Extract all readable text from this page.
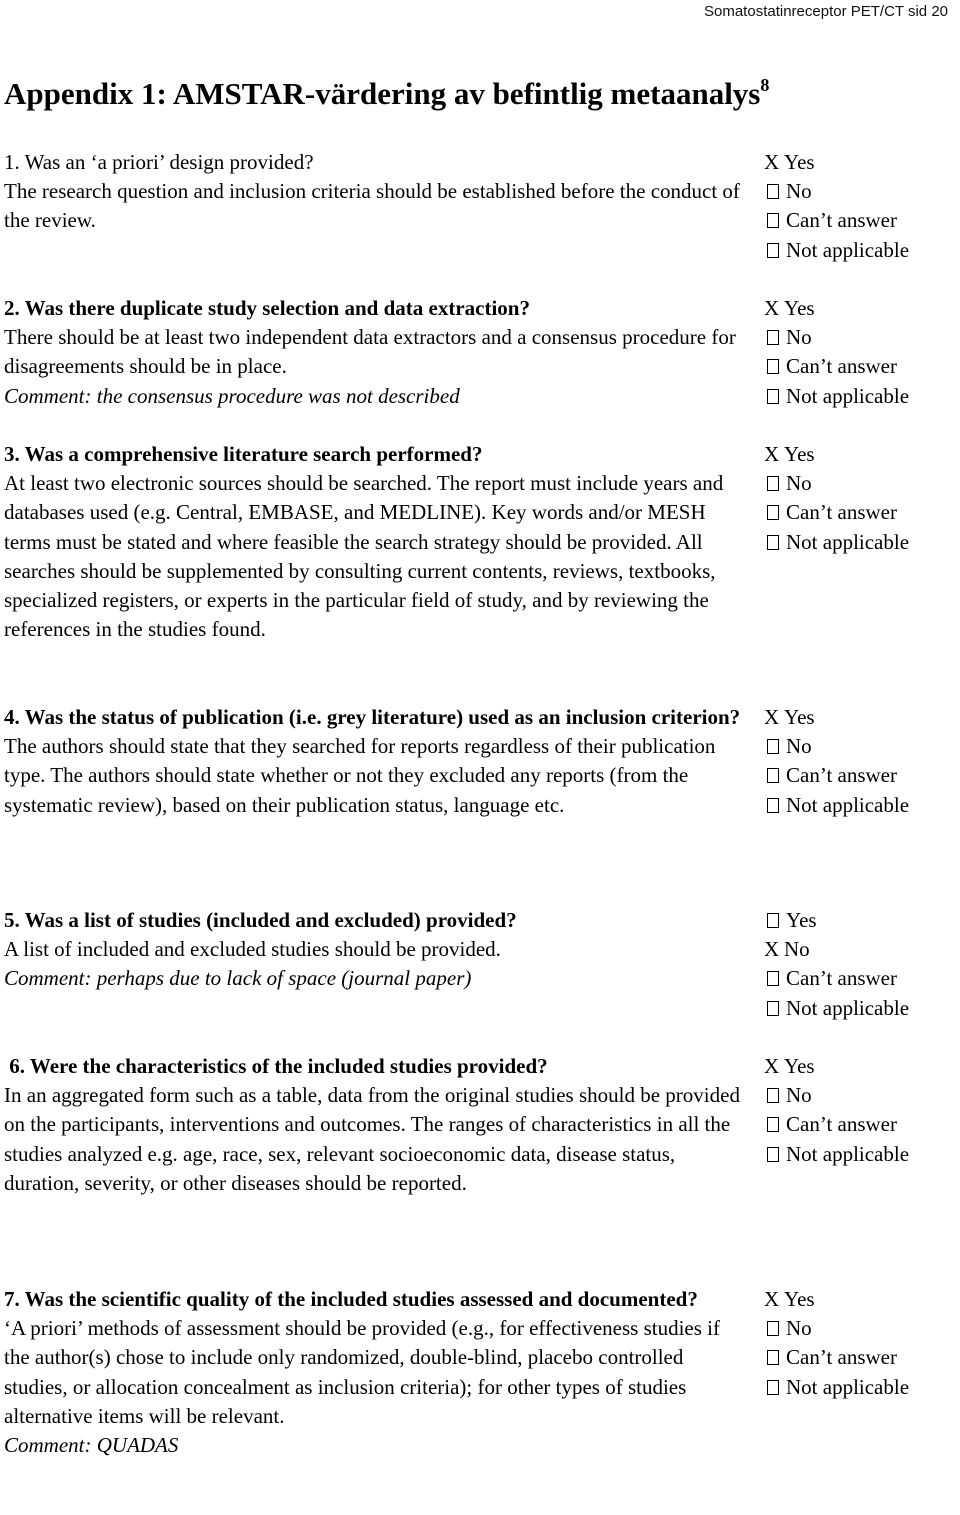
Somatostatinreceptor PET/CT sid 20
Appendix 1: AMSTAR-värdering av befintlig metaanalys$^8$
1. Was an ‘a priori’ design provided?
The research question and inclusion criteria should be established before the conduct of the review.
X Yes
No
Can’t answer
Not applicable
2. Was there duplicate study selection and data extraction?
There should be at least two independent data extractors and a consensus procedure for disagreements should be in place.
Comment: the consensus procedure was not described
X Yes
No
Can’t answer
Not applicable
3. Was a comprehensive literature search performed?
At least two electronic sources should be searched. The report must include years and databases used (e.g. Central, EMBASE, and MEDLINE). Key words and/or MESH terms must be stated and where feasible the search strategy should be provided. All searches should be supplemented by consulting current contents, reviews, textbooks, specialized registers, or experts in the particular field of study, and by reviewing the references in the studies found.
X Yes
No
Can’t answer
Not applicable
4. Was the status of publication (i.e. grey literature) used as an inclusion criterion?
The authors should state that they searched for reports regardless of their publication type. The authors should state whether or not they excluded any reports (from the systematic review), based on their publication status, language etc.
X Yes
No
Can’t answer
Not applicable
5. Was a list of studies (included and excluded) provided?
A list of included and excluded studies should be provided.
Comment: perhaps due to lack of space (journal paper)
Yes
X No
Can’t answer
Not applicable
6. Were the characteristics of the included studies provided?
In an aggregated form such as a table, data from the original studies should be provided on the participants, interventions and outcomes. The ranges of characteristics in all the studies analyzed e.g. age, race, sex, relevant socioeconomic data, disease status, duration, severity, or other diseases should be reported.
X Yes
No
Can’t answer
Not applicable
7. Was the scientific quality of the included studies assessed and documented?
‘A priori’ methods of assessment should be provided (e.g., for effectiveness studies if the author(s) chose to include only randomized, double-blind, placebo controlled studies, or allocation concealment as inclusion criteria); for other types of studies alternative items will be relevant.
Comment: QUADAS
X Yes
No
Can’t answer
Not applicable
